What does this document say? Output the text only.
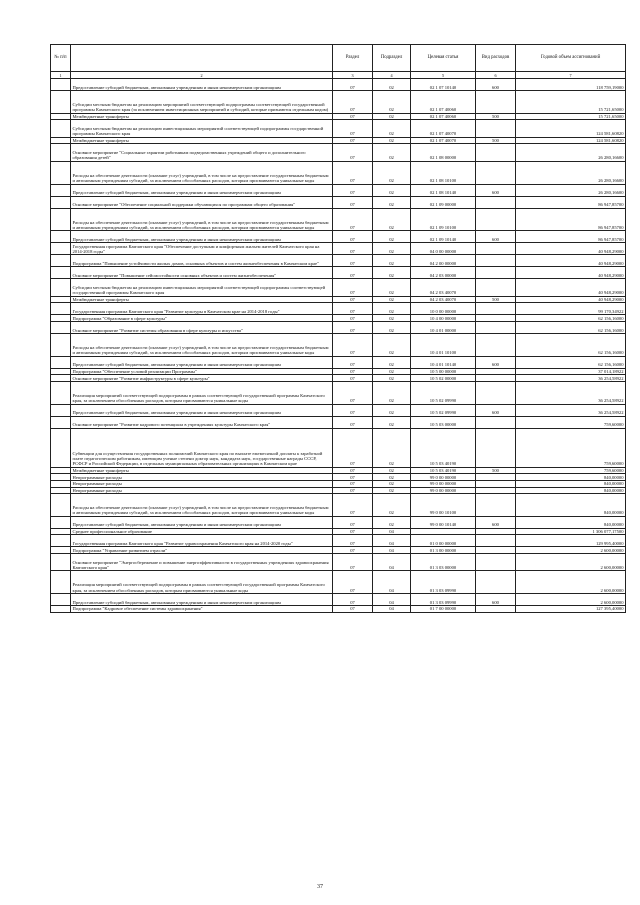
№ п/п		Раздел	Подраздел	Целевая статья	Вид расходов	Годовой объем ассигнований
1	2	3	4	5	6	7
	Предоставление субсидий бюджетным, автономным учреждениям и иным некоммерческим организациям	07	02	02 1 07 10140	600	118 759,19000
	Субсидии местным бюджетам на реализацию мероприятий соответствующей подпрограммы соответствующей государственной программы Камчатского края (за исключением инвестиционных мероприятий и субсидий, которые признаются отдельным кодом)	07	02	02 1 07 40060		15 721,65000
	Межбюджетные трансферты	07	02	02 1 07 40060	500	15 721,65000
	Субсидии местным бюджетам на реализацию инвестиционных мероприятий соответствующей подпрограммы государственной программы Камчатского края	07	02	02 1 07 40070		124 581,60820
	Межбюджетные трансферты	07	02	02 1 07 40070	500	124 581,60820
	Основное мероприятие "Социальные гарантии работникам подведомственных учреждений общего и дополнительного образования детей"	07	02	02 1 08 00000		26 280,16600
	Расходы на обеспечение деятельности (оказание услуг) учреждений, в том числе на предоставление государственным бюджетным и автономным учреждениям субсидий, за исключением обособленных расходов, которым присваиваются уникальные коды	07	02	02 1 08 10100		26 280,16600
	Предоставление субсидий бюджетным, автономным учреждениям и иным некоммерческим организациям	07	02	02 1 08 10140	600	26 280,16600
	Основное мероприятие "Обеспечение социальной поддержки обучающихся по программам общего образования"	07	02	02 1 09 00000		86 947,85700
	Расходы на обеспечение деятельности (оказание услуг) учреждений, в том числе на предоставление государственным бюджетным и автономным учреждениям субсидий, за исключением обособленных расходов, которым присваиваются уникальные коды	07	02	02 1 09 10100		86 947,85700
	Предоставление субсидий бюджетным, автономным учреждениям и иным некоммерческим организациям	07	02	02 1 09 10140	600	86 947,85700
	Государственная программа Камчатского края "Обеспечение доступным и комфортным жильем жителей Камчатского края на 2014-2018 годы"	07	02	04 0 00 00000		40 948,29000
	Подпрограмма "Повышение устойчивости жилых домов, основных объектов и систем жизнеобеспечения в Камчатском крае"	07	02	04 2 00 00000		40 948,29000
	Основное мероприятие "Повышение сейсмостойкости основных объектов и систем жизнеобеспечения"	07	02	04 2 03 00000		40 948,29000
	Субсидии местным бюджетам на реализацию инвестиционных мероприятий соответствующей подпрограммы соответствующей государственной программы Камчатского края	07	02	04 2 03 40070		40 948,29000
	Межбюджетные трансферты	07	02	04 2 03 40070	500	40 948,29000
	Государственная программа Камчатского края "Развитие культуры в Камчатском крае на 2014-2018 годы"	07	02	10 0 00 00000		99 170,34922
	Подпрограмма "Образование в сфере культуры"	07	02	10 4 00 00000		62 156,16000
	Основное мероприятие "Развитие системы образования в сфере культуры и искусства"	07	02	10 4 01 00000		62 156,16000
	Расходы на обеспечение деятельности (оказание услуг) учреждений, в том числе на предоставление государственным бюджетным и автономным учреждениям субсидий, за исключением обособленных расходов, которым присваиваются уникальные коды	07	02	10 4 01 10100		62 156,16000
	Предоставление субсидий бюджетным, автономным учреждениям и иным некоммерческим организациям	07	02	10 4 01 10140	600	62 156,16000
	Подпрограмма "Обеспечение условий реализации Программы"	07	02	10 5 00 00000		37 014,18922
	Основное мероприятие "Развитие инфраструктуры в сфере культуры"	07	02	10 5 02 00000		36 254,58922
	Реализация мероприятий соответствующей подпрограммы в рамках соответствующей государственной программы Камчатского края, за исключением обособленных расходов, которым присваиваются уникальные коды	07	02	10 5 02 09990		36 254,58922
	Предоставление субсидий бюджетным, автономным учреждениям и иным некоммерческим организациям	07	02	10 5 02 09990	600	36 254,58922
	Основное мероприятие "Развитие кадрового потенциала в учреждениях культуры Камчатского края"	07	02	10 5 03 00000		759,60000
	Субвенции для осуществления государственных полномочий Камчатского края по выплате ежемесячной доплаты к заработной плате педагогическим работникам, имеющим ученые степени доктор наук, кандидата наук, государственные награды СССР, РСФСР и Российской Федерации, в отдельных муниципальных образовательных организациях в Камчатском крае	07	02	10 5 03 40190		759,60000
	Межбюджетные трансферты	07	02	10 5 03 40190	500	759,60000
	Непрограммные расходы	07	02	99 0 00 00000		840,00000
	Непрограммные расходы	07	02	99 0 00 00000		840,00000
	Непрограммные расходы	07	02	99 0 00 00000		840,00000
	Расходы на обеспечение деятельности (оказание услуг) учреждений, в том числе на предоставление государственным бюджетным и автономным учреждениям субсидий, за исключением обособленных расходов, которым присваиваются уникальные коды	07	02	99 0 00 10100		840,00000
	Предоставление субсидий бюджетным, автономным учреждениям и иным некоммерческим организациям	07	02	99 0 00 10140	600	840,00000
	Среднее профессиональное образование	07	04			1 306 077,17500
	Государственная программа Камчатского края "Развитие здравоохранения Камчатского края на 2014-2020 годы"	07	04	01 0 00 00000		129 995,40000
	Подпрограмма "Управление развитием отрасли"	07	04	01 3 00 00000		2 600,00000
	Основное мероприятие "Энергосбережение и повышение энергоэффективности в государственных учреждениях здравоохранения Камчатского края"	07	04	01 3 03 00000		2 600,00000
	Реализация мероприятий соответствующей подпрограммы в рамках соответствующей государственной программы Камчатского края, за исключением обособленных расходов, которым присваиваются уникальные коды	07	04	01 3 03 09990		2 600,00000
	Предоставление субсидий бюджетным, автономным учреждениям и иным некоммерческим организациям	07	04	01 3 03 09990	600	2 600,00000
	Подпрограмма "Кадровое обеспечение системы здравоохранения"	07	04	01 7 00 00000		127 395,40000
37
